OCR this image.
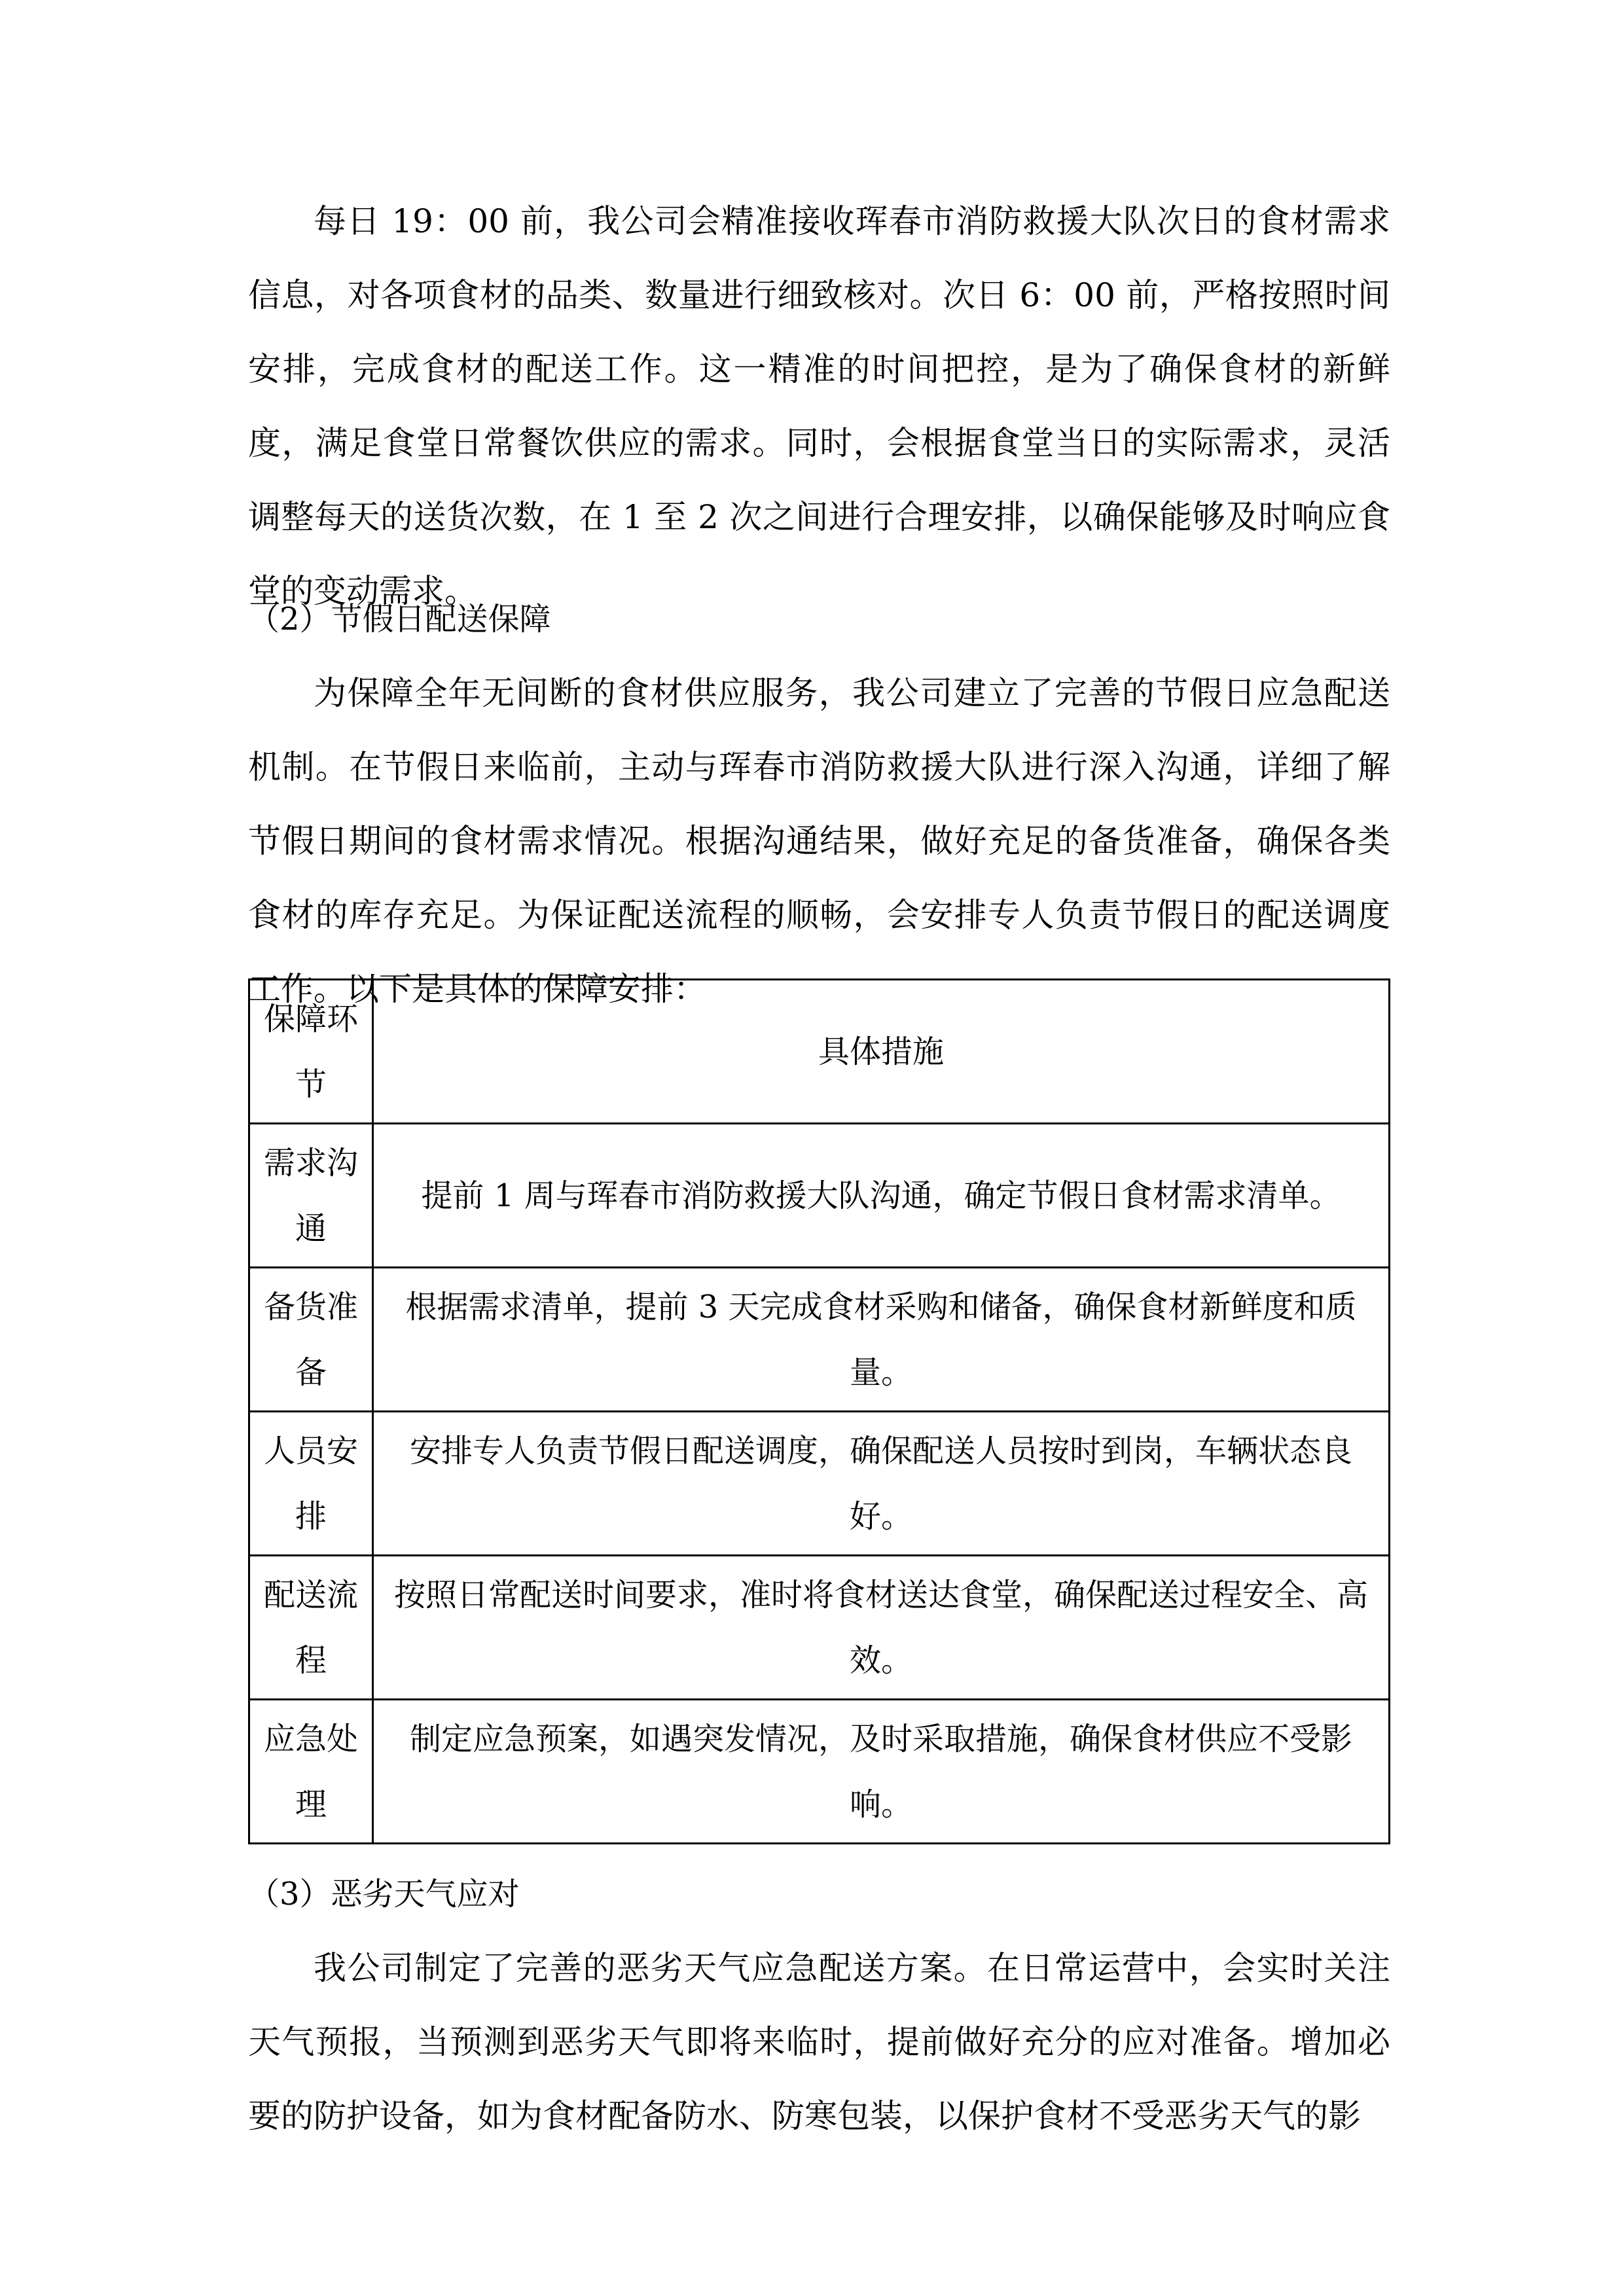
每日 19：00 前，我公司会精准接收珲春市消防救援大队次日的食材需求信息，对各项食材的品类、数量进行细致核对。次日 6：00 前，严格按照时间安排，完成食材的配送工作。这一精准的时间把控，是为了确保食材的新鲜度，满足食堂日常餐饮供应的需求。同时，会根据食堂当日的实际需求，灵活调整每天的送货次数，在 1 至 2 次之间进行合理安排，以确保能够及时响应食堂的变动需求。

（2）节假日配送保障

为保障全年无间断的食材供应服务，我公司建立了完善的节假日应急配送机制。在节假日来临前，主动与珲春市消防救援大队进行深入沟通，详细了解节假日期间的食材需求情况。根据沟通结果，做好充足的备货准备，确保各类食材的库存充足。为保证配送流程的顺畅，会安排专人负责节假日的配送调度工作。以下是具体的保障安排：

保障环节	具体措施
需求沟通	提前 1 周与珲春市消防救援大队沟通，确定节假日食材需求清单。
备货准备	根据需求清单，提前 3 天完成食材采购和储备，确保食材新鲜度和质量。
人员安排	安排专人负责节假日配送调度，确保配送人员按时到岗，车辆状态良好。
配送流程	按照日常配送时间要求，准时将食材送达食堂，确保配送过程安全、高效。
应急处理	制定应急预案，如遇突发情况，及时采取措施，确保食材供应不受影响。

（3）恶劣天气应对

我公司制定了完善的恶劣天气应急配送方案。在日常运营中，会实时关注天气预报，当预测到恶劣天气即将来临时，提前做好充分的应对准备。增加必要的防护设备，如为食材配备防水、防寒包装，以保护食材不受恶劣天气的影
